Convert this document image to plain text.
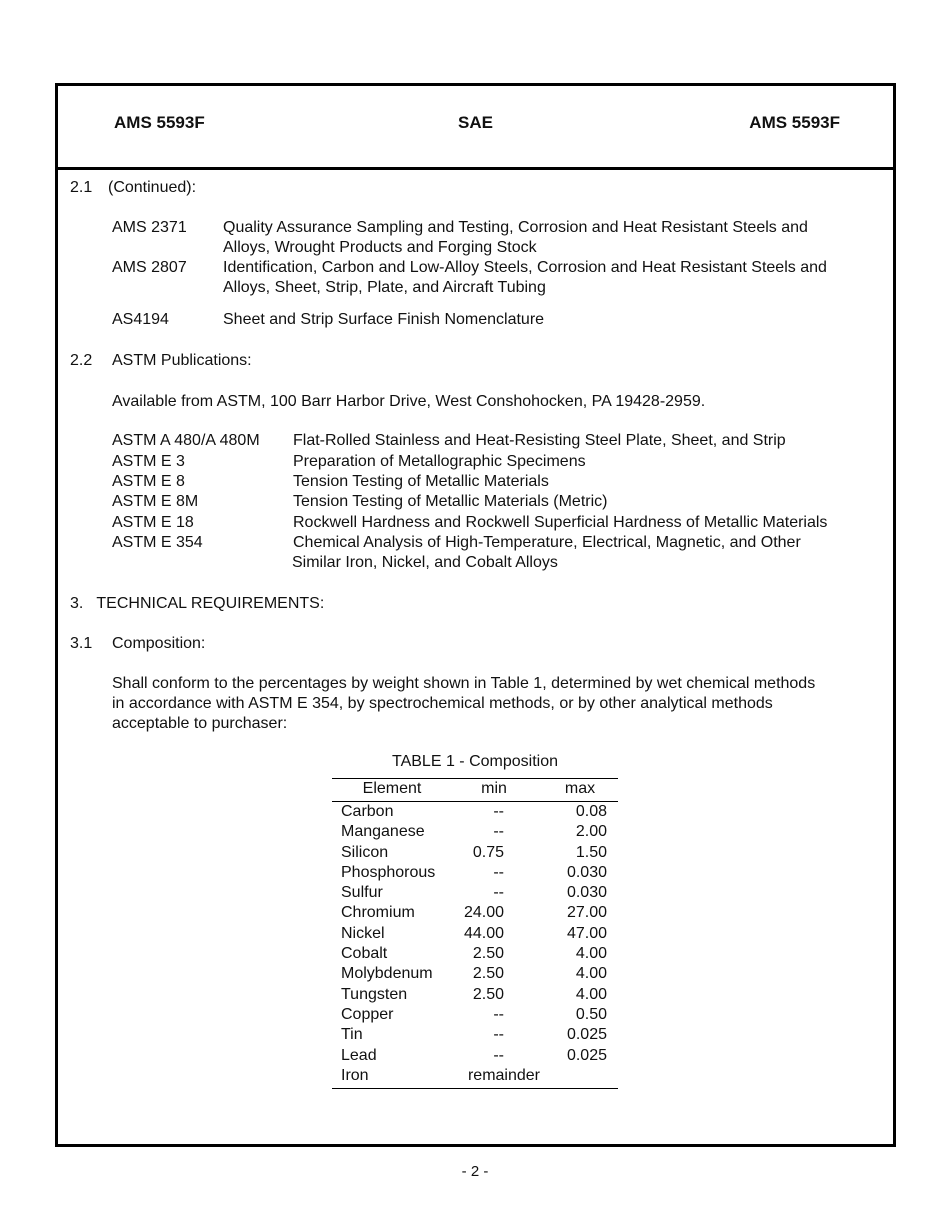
AMS 5593F	SAE	AMS 5593F
2.1 (Continued):
AMS 2371 Quality Assurance Sampling and Testing, Corrosion and Heat Resistant Steels and
Alloys, Wrought Products and Forging Stock
AMS 2807 Identification, Carbon and Low-Alloy Steels, Corrosion and Heat Resistant Steels and
Alloys, Sheet, Strip, Plate, and Aircraft Tubing
AS4194	Sheet and Strip Surface Finish Nomenclature
2.2 ASTM Publications:
Available from ASTM, 100 Barr Harbor Drive, West Conshohocken, PA 19428-2959.
ASTM A 480/A 480M Flat-Rolled Stainless and Heat-Resisting Steel Plate, Sheet, and Strip
ASTM E 3	Preparation of Metallographic Specimens
ASTM E 8	Tension Testing of Metallic Materials
ASTM E 8M	Tension Testing of Metallic Materials (Metric)
ASTM E 18	Rockwell Hardness and Rockwell Superficial Hardness of Metallic Materials
ASTM E 354	Chemical Analysis of High-Temperature, Electrical, Magnetic, and Other
Similar Iron, Nickel, and Cobalt Alloys
3.   TECHNICAL REQUIREMENTS:
3.1 Composition:
Shall conform to the percentages by weight shown in Table 1, determined by wet chemical methods
in accordance with ASTM E 354, by spectrochemical methods, or by other analytical methods
acceptable to purchaser:
TABLE 1 - Composition
Element	min	max
Carbon	--	0.08
Manganese	--	2.00
Silicon	0.75	1.50
Phosphorous	--	0.030
Sulfur	--	0.030
Chromium	24.00	27.00
Nickel	44.00	47.00
Cobalt	2.50	4.00
Molybdenum	2.50	4.00
Tungsten	2.50	4.00
Copper	--	0.50
Tin	--	0.025
Lead	--	0.025
Iron	remainder
- 2 -
